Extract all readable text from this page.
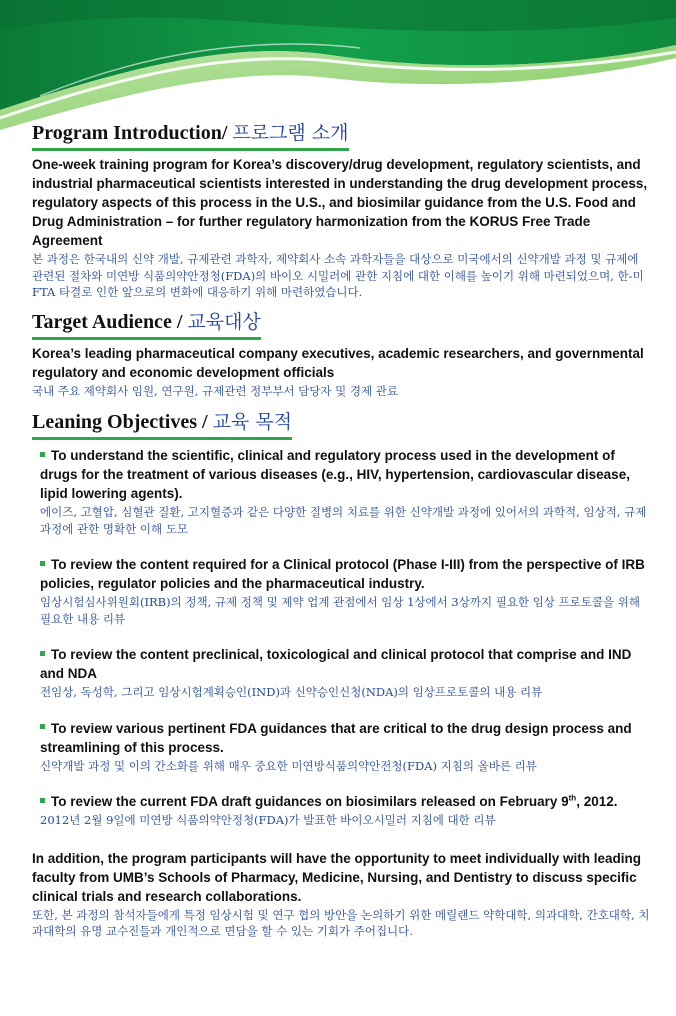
Program Introduction/ 프로그램 소개

One-week training program for Korea’s discovery/drug development, regulatory scientists, and industrial pharmaceutical scientists interested in understanding the drug development process, regulatory aspects of this process in the U.S., and biosimilar guidance from the U.S. Food and Drug Administration – for further regulatory harmonization from the KORUS Free Trade Agreement

본 과정은 한국내의 신약 개발, 규제관련 과학자, 제약회사 소속 과학자들을 대상으로 미국에서의 신약개발 과정 및 규제에 관련된 절차와 미연방 식품의약안정청(FDA)의 바이오 시밀러에 관한 지침에 대한 이해를 높이기 위해 마련되었으며, 한-미 FTA 타결로 인한 앞으로의 변화에 대응하기 위해 마련하였습니다.

Target Audience / 교육대상

Korea’s leading pharmaceutical company executives, academic researchers, and governmental regulatory and economic development officials

국내 주요 제약회사 임원, 연구원, 규제관련 정부부서 담당자 및 경제 관료

Leaning Objectives / 교육 목적

To understand the scientific, clinical and regulatory process used in the development of drugs for the treatment of various diseases (e.g., HIV, hypertension, cardiovascular disease, lipid lowering agents).

에이즈, 고혈압, 심혈관 질환, 고지혈증과 같은 다양한 질병의 치료를 위한 신약개발 과정에 있어서의 과학적, 임상적, 규제 과정에 관한 명확한 이해 도모

To review the content required for a Clinical protocol (Phase I-III) from the perspective of IRB policies, regulator policies and the pharmaceutical industry.

임상시험심사위원회(IRB)의 정책, 규제 정책 및 제약 업계 관점에서 임상 1상에서 3상까지 필요한 임상 프로토콜을 위해 필요한 내용 리뷰

To review the content preclinical, toxicological and clinical protocol that comprise and IND and NDA

전임상, 독성학, 그리고 임상시험계획승인(IND)과 신약승인신청(NDA)의 임상프로토콜의 내용 리뷰

To review various pertinent FDA guidances that are critical to the drug design process and streamlining of this process.

신약개발 과정 및 이의 간소화를 위해 매우 중요한 미연방식품의약안전청(FDA) 지침의 올바른 리뷰

To review the current FDA draft guidances on biosimilars released on February 9th, 2012.

2012년 2월 9일에 미연방 식품의약안정청(FDA)가 발표한 바이오시밀러 지침에 대한 리뷰

In addition, the program participants will have the opportunity to meet individually with leading faculty from UMB’s Schools of Pharmacy, Medicine, Nursing, and Dentistry to discuss specific clinical trials and research collaborations.

또한, 본 과정의 참석자들에게 특정 임상시험 및 연구 협의 방안을 논의하기 위한 메릴랜드 약학대학, 의과대학, 간호대학, 치과대학의 유명 교수진들과 개인적으로 면담을 할 수 있는 기회가 주어집니다.
